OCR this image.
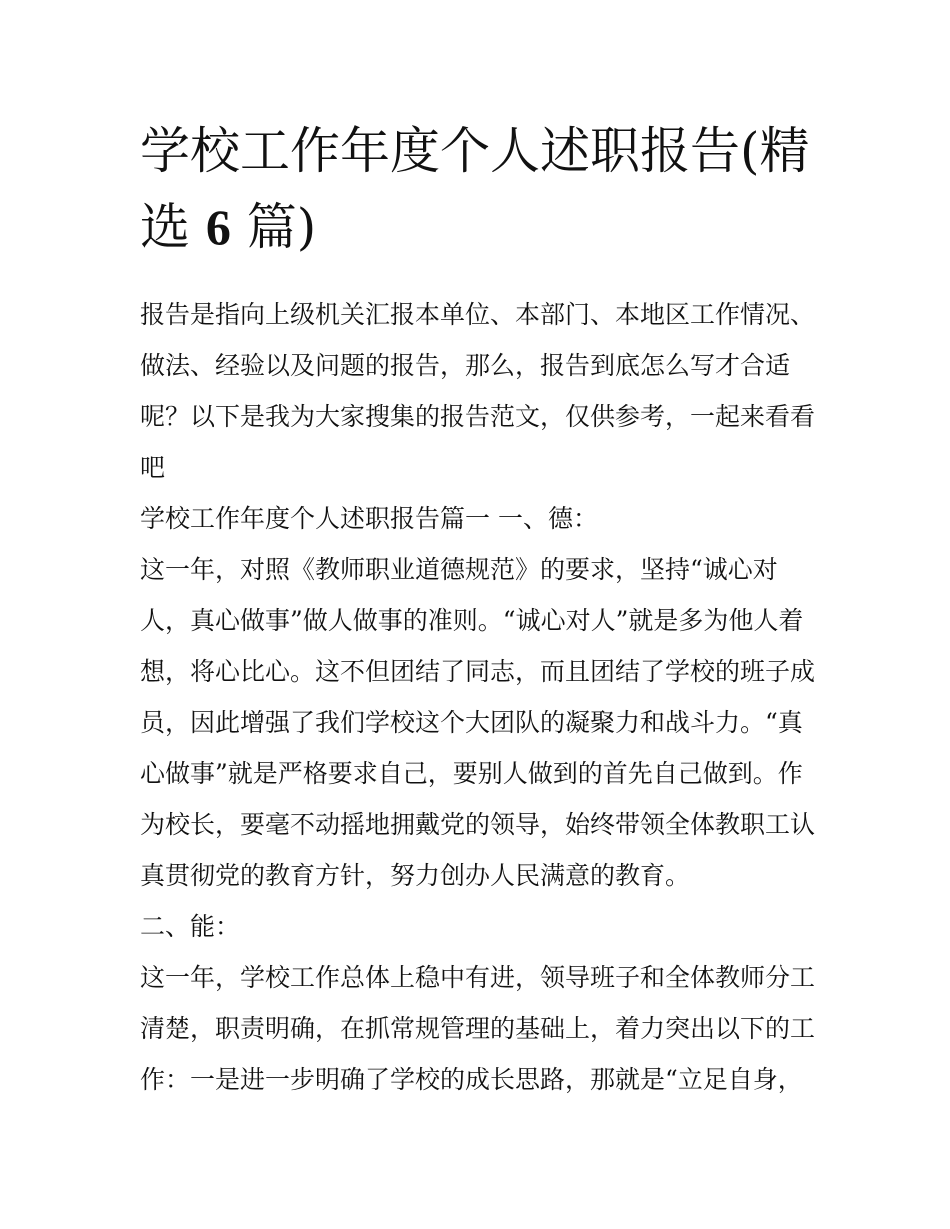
学校工作年度个人述职报告(精
选 6 篇)
报告是指向上级机关汇报本单位、本部门、本地区工作情况、
做法、经验以及问题的报告，那么，报告到底怎么写才合适
呢？以下是我为大家搜集的报告范文，仅供参考，一起来看看
吧
学校工作年度个人述职报告篇一 一、德：
这一年，对照《教师职业道德规范》的要求，坚持“诚心对
人，真心做事”做人做事的准则。“诚心对人”就是多为他人着
想，将心比心。这不但团结了同志，而且团结了学校的班子成
员，因此增强了我们学校这个大团队的凝聚力和战斗力。“真
心做事”就是严格要求自己，要别人做到的首先自己做到。作
为校长，要毫不动摇地拥戴党的领导，始终带领全体教职工认
真贯彻党的教育方针，努力创办人民满意的教育。
二、能：
这一年，学校工作总体上稳中有进，领导班子和全体教师分工
清楚，职责明确，在抓常规管理的基础上，着力突出以下的工
作：一是进一步明确了学校的成长思路，那就是“立足自身，
